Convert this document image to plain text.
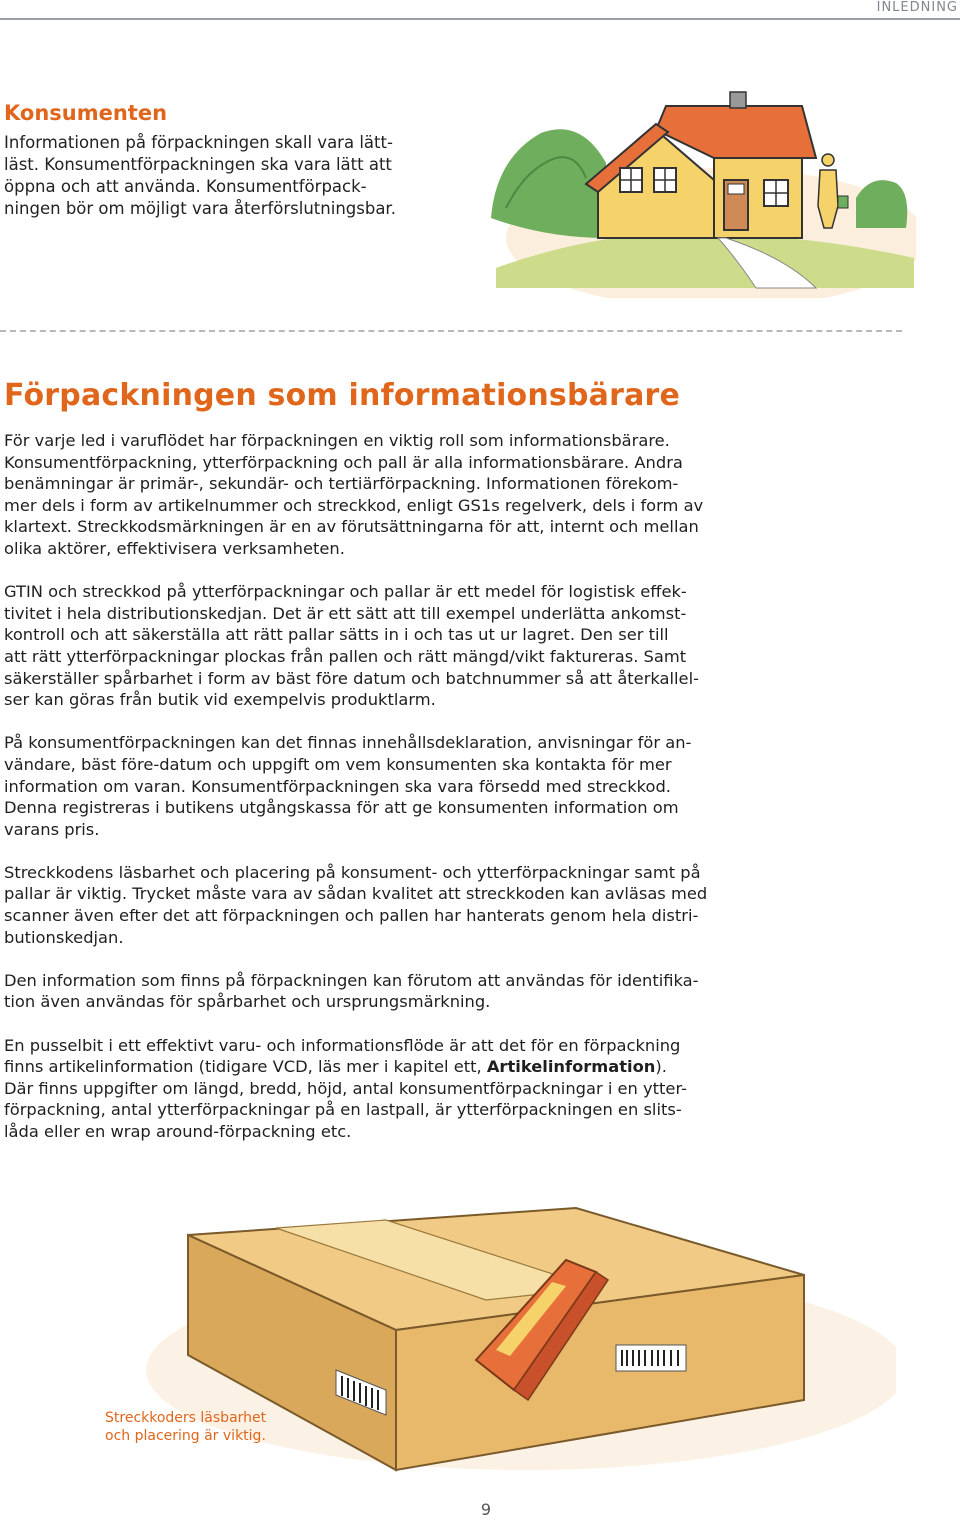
INLEDNING
Konsumenten

Informationen på förpackningen skall vara lätt-
läst. Konsumentförpackningen ska vara lätt att
öppna och att använda. Konsumentförpack-
ningen bör om möjligt vara återförslutningsbar.

Förpackningen som informationsbärare

För varje led i varuflödet har förpackningen en viktig roll som informationsbärare.
Konsumentförpackning, ytterförpackning och pall är alla informationsbärare. Andra
benämningar är primär-, sekundär- och tertiärförpackning. Informationen förekom-
mer dels i form av artikelnummer och streckkod, enligt GS1s regelverk, dels i form av
klartext. Streckkodsmärkningen är en av förutsättningarna för att, internt och mellan
olika aktörer, effektivisera verksamheten.

GTIN och streckkod på ytterförpackningar och pallar är ett medel för logistisk effek-
tivitet i hela distributionskedjan. Det är ett sätt att till exempel underlätta ankomst-
kontroll och att säkerställa att rätt pallar sätts in i och tas ut ur lagret. Den ser till
att rätt ytterförpackningar plockas från pallen och rätt mängd/vikt faktureras. Samt
säkerställer spårbarhet i form av bäst före datum och batchnummer så att återkallel-
ser kan göras från butik vid exempelvis produktlarm.

På konsumentförpackningen kan det finnas innehållsdeklaration, anvisningar för an-
vändare, bäst före-datum och uppgift om vem konsumenten ska kontakta för mer
information om varan. Konsumentförpackningen ska vara försedd med streckkod.
Denna registreras i butikens utgångskassa för att ge konsumenten information om
varans pris.

Streckkodens läsbarhet och placering på konsument- och ytterförpackningar samt på
pallar är viktig. Trycket måste vara av sådan kvalitet att streckkoden kan avläsas med
scanner även efter det att förpackningen och pallen har hanterats genom hela distri-
butionskedjan.

Den information som finns på förpackningen kan förutom att användas för identifika-
tion även användas för spårbarhet och ursprungsmärkning.

En pusselbit i ett effektivt varu- och informationsflöde är att det för en förpackning
finns artikelinformation (tidigare VCD, läs mer i kapitel ett, Artikelinformation).
Där finns uppgifter om längd, bredd, höjd, antal konsumentförpackningar i en ytter-
förpackning, antal ytterförpackningar på en lastpall, är ytterförpackningen en slits-
låda eller en wrap around-förpackning etc.

Streckkoders läsbarhet
och placering är viktig.

9
